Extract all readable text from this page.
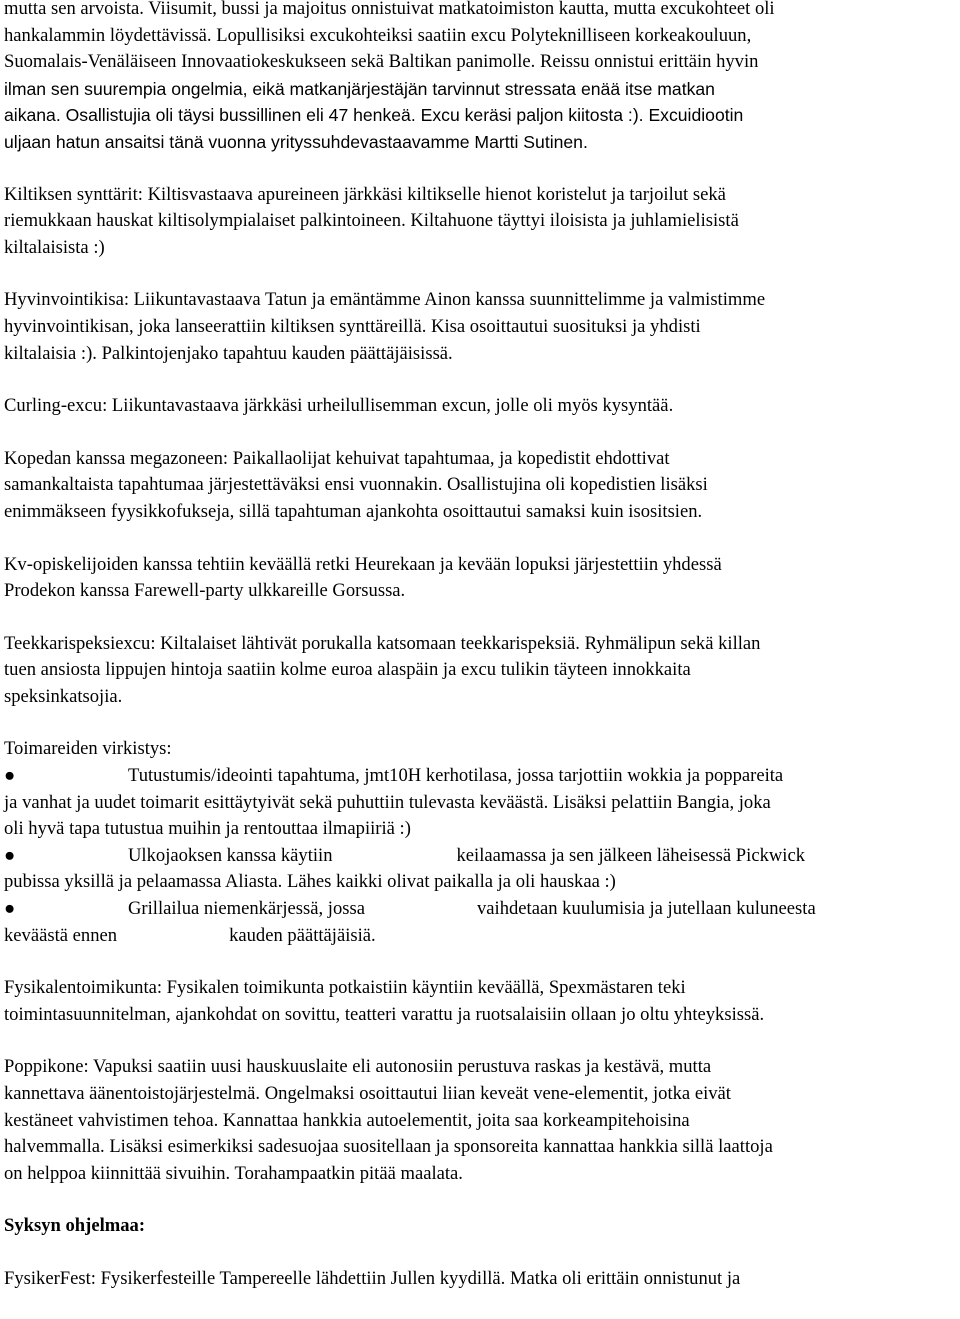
mutta sen arvoista. Viisumit, bussi ja majoitus onnistuivat matkatoimiston kautta, mutta excukohteet oli
hankalammin löydettävissä. Lopullisiksi excukohteiksi saatiin excu Polyteknilliseen korkeakouluun,
Suomalais-Venäläiseen Innovaatiokeskukseen sekä Baltikan panimolle. Reissu onnistui erittäin hyvin
ilman sen suurempia ongelmia, eikä matkanjärjestäjän tarvinnut stressata enää itse matkan
aikana. Osallistujia oli täysi bussillinen eli 47 henkeä. Excu keräsi paljon kiitosta :). Excuidiootin
uljaan hatun ansaitsi tänä vuonna yrityssuhdevastaavamme Martti Sutinen.

Kiltiksen synttärit: Kiltisvastaava apureineen järkkäsi kiltikselle hienot koristelut ja tarjoilut sekä
riemukkaan hauskat kiltisolympialaiset palkintoineen. Kiltahuone täyttyi iloisista ja juhlamielisistä
kiltalaisista :)

Hyvinvointikisa: Liikuntavastaava Tatun ja emäntämme Ainon kanssa suunnittelimme ja valmistimme
hyvinvointikisan, joka lanseerattiin kiltiksen synttäreillä. Kisa osoittautui suosituksi ja yhdisti
kiltalaisia :). Palkintojenjako tapahtuu kauden päättäjäisissä.

Curling-excu: Liikuntavastaava järkkäsi urheilullisemman excun, jolle oli myös kysyntää.

Kopedan kanssa megazoneen: Paikallaolijat kehuivat tapahtumaa, ja kopedistit ehdottivat
samankaltaista tapahtumaa järjestettäväksi ensi vuonnakin. Osallistujina oli kopedistien lisäksi
enimmäkseen fyysikkofukseja, sillä tapahtuman ajankohta osoittautui samaksi kuin isositsien.

Kv-opiskelijoiden kanssa tehtiin keväällä retki Heurekaan ja kevään lopuksi järjestettiin yhdessä
Prodekon kanssa Farewell-party ulkkareille Gorsussa.

Teekkarispeksiexcu: Kiltalaiset lähtivät porukalla katsomaan teekkarispeksiä. Ryhmälipun sekä killan
tuen ansiosta lippujen hintoja saatiin kolme euroa alaspäin ja excu tulikin täyteen innokkaita
speksinkatsojia.

Toimareiden virkistys:
●	Tutustumis/ideointi tapahtuma, jmt10H kerhotilasa, jossa tarjottiin wokkia ja poppareita
ja vanhat ja uudet toimarit esittäytyivät sekä puhuttiin tulevasta keväästä. Lisäksi pelattiin Bangia, joka
oli hyvä tapa tutustua muihin ja rentouttaa ilmapiiriä :)
●	Ulkojaoksen kanssa käytiin	keilaamassa ja sen jälkeen läheisessä Pickwick
pubissa yksillä ja pelaamassa Aliasta. Lähes kaikki olivat paikalla ja oli hauskaa :)
●	Grillailua niemenkärjessä, jossa	vaihdetaan kuulumisia ja jutellaan kuluneesta
keväästä ennen	kauden päättäjäisiä.

Fysikalentoimikunta: Fysikalen toimikunta potkaistiin käyntiin keväällä, Spexmästaren teki
toimintasuunnitelman, ajankohdat on sovittu, teatteri varattu ja ruotsalaisiin ollaan jo oltu yhteyksissä.

Poppikone: Vapuksi saatiin uusi hauskuuslaite eli autonosiin perustuva raskas ja kestävä, mutta
kannettava äänentoistojärjestelmä. Ongelmaksi osoittautui liian keveät vene-elementit, jotka eivät
kestäneet vahvistimen tehoa. Kannattaa hankkia autoelementit, joita saa korkeampitehoisina
halvemmalla. Lisäksi esimerkiksi sadesuojaa suositellaan ja sponsoreita kannattaa hankkia sillä laattoja
on helppoa kiinnittää sivuihin. Torahampaatkin pitää maalata.

Syksyn ohjelmaa:

FysikerFest: Fysikerfesteille Tampereelle lähdettiin Jullen kyydillä. Matka oli erittäin onnistunut ja
